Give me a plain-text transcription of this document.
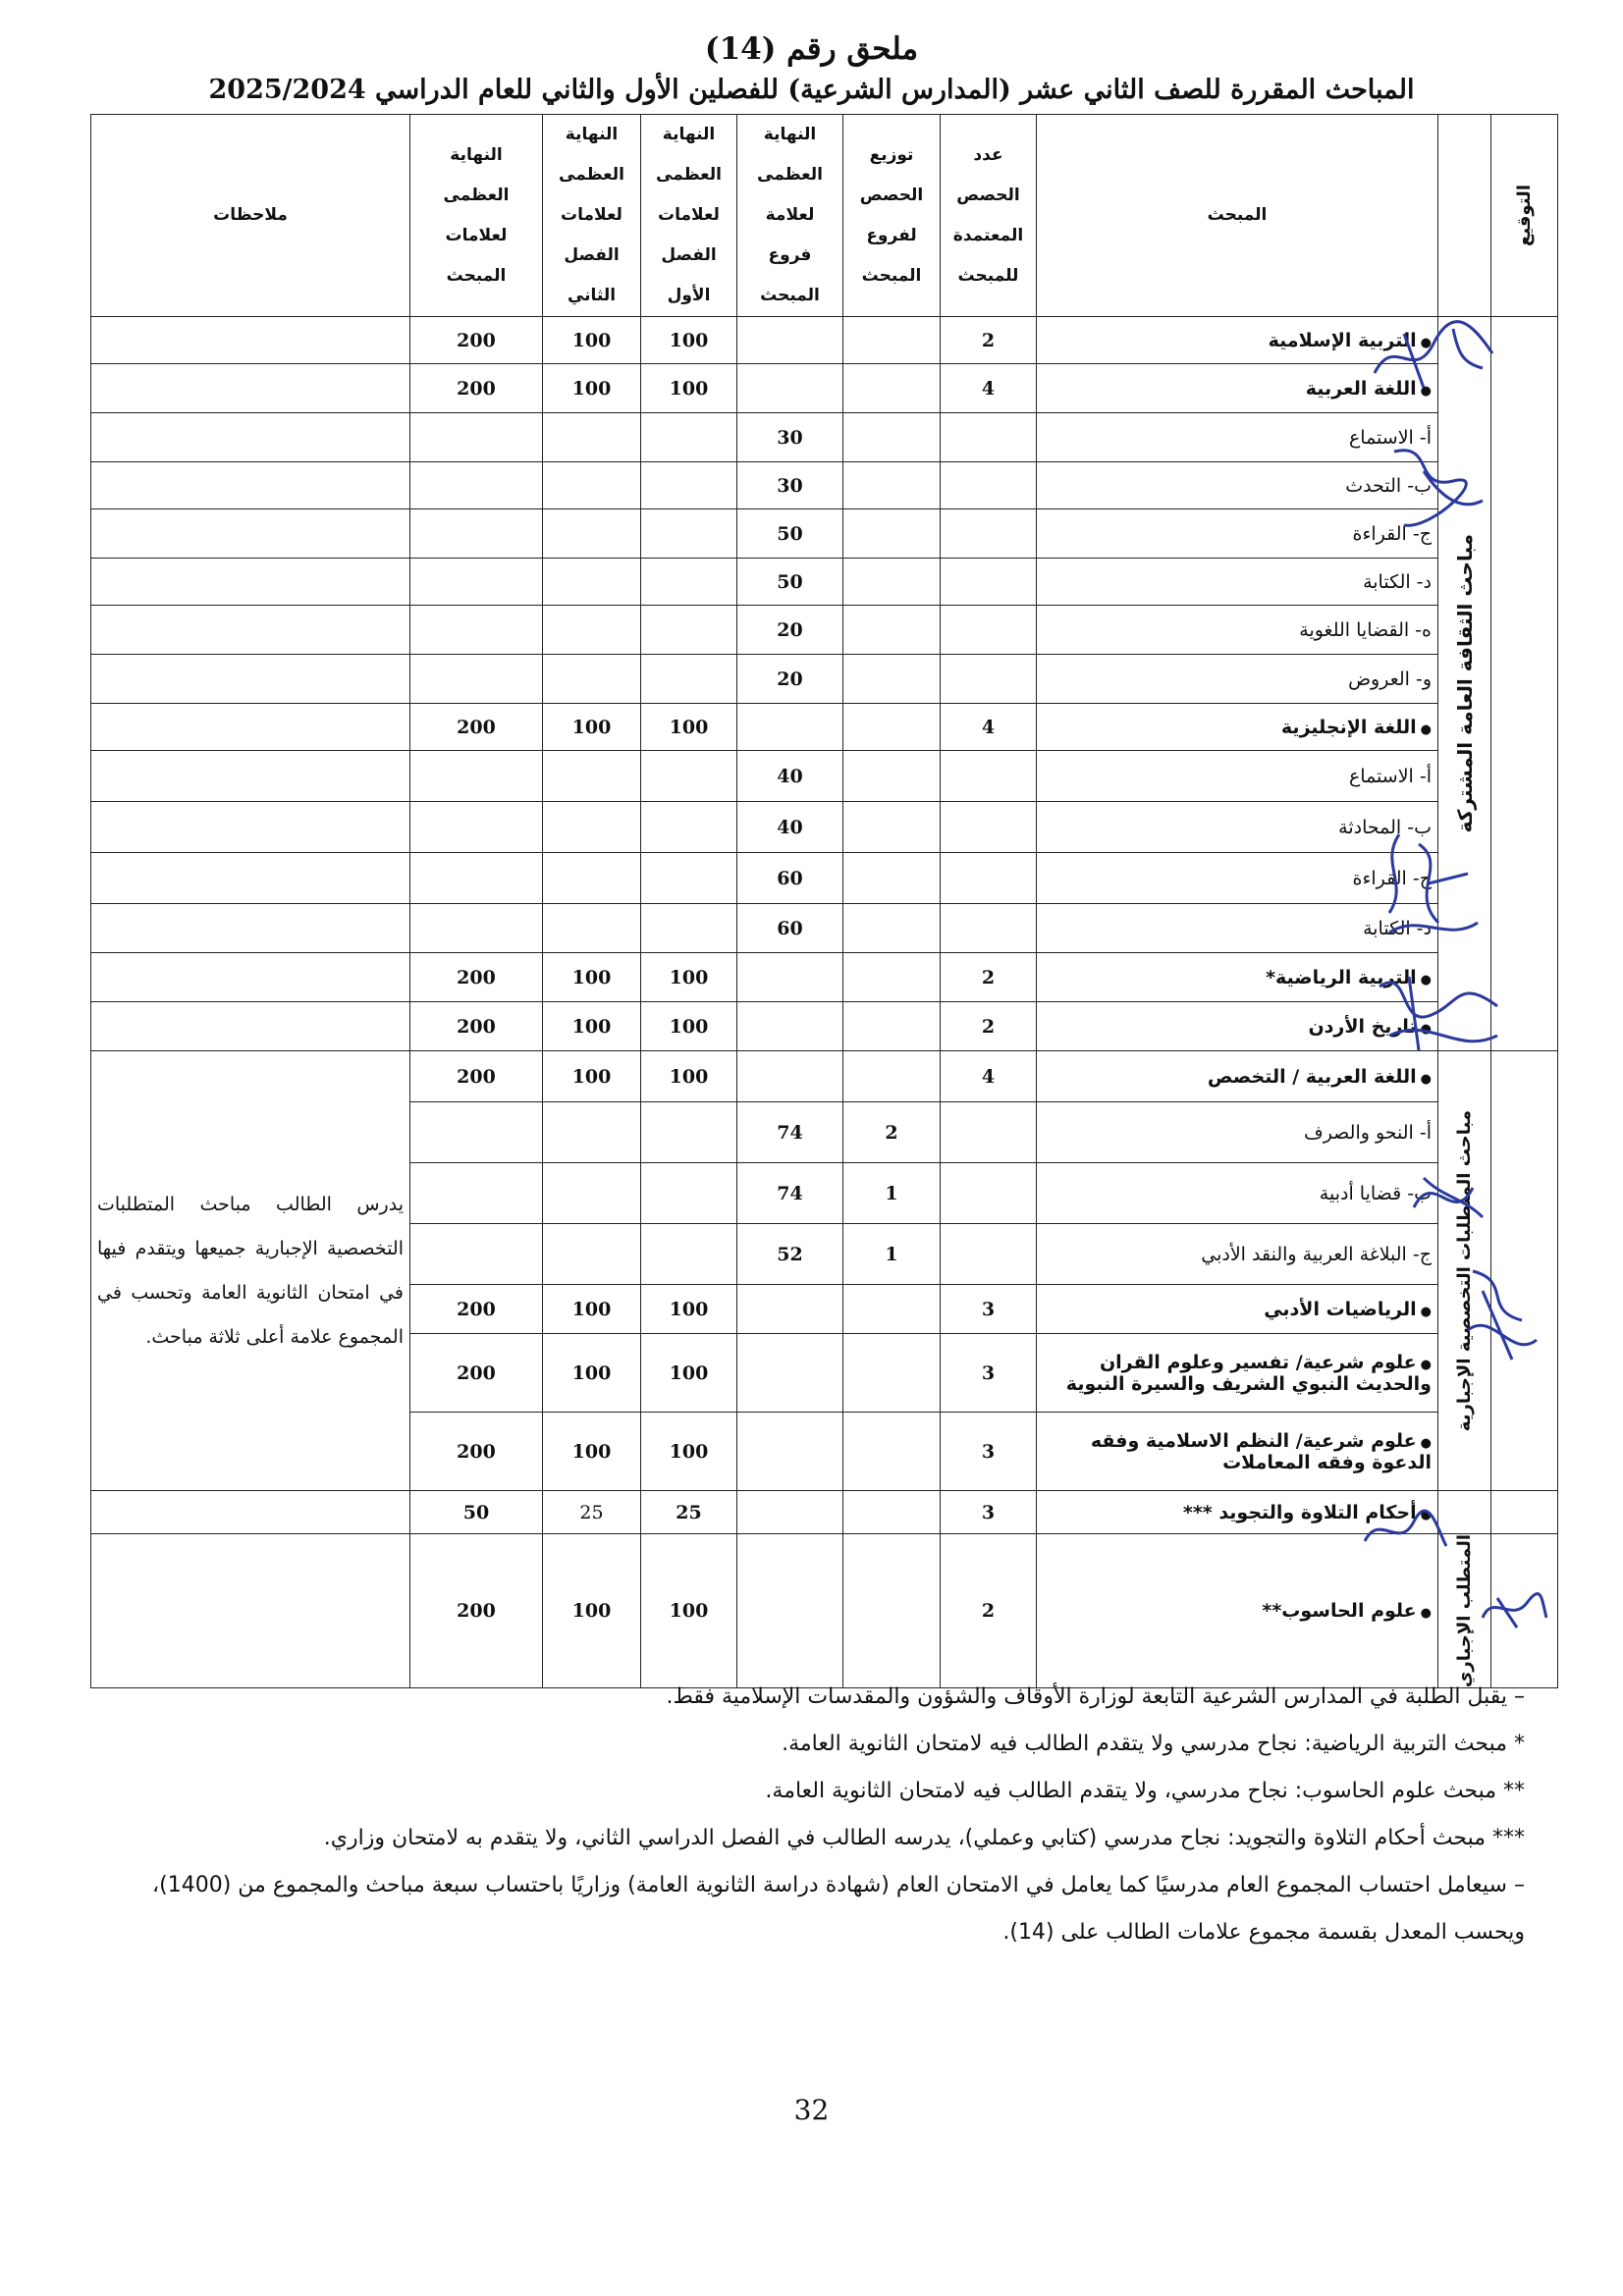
ملحق رقم (14)
المباحث المقررة للصف الثاني عشر (المدارس الشرعية) للفصلين الأول والثاني للعام الدراسي 2025/2024
التوقيع		المبحث	عدد الحصص المعتمدة للمبحث	توزيع الحصص لفروع المبحث	النهاية العظمى لعلامة فروع المبحث	النهاية العظمى لعلامات الفصل الأول	النهاية العظمى لعلامات الفصل الثاني	النهاية العظمى لعلامات المبحث	ملاحظات

	مباحث الثقافة العامة المشتركة	●التربية الإسلامية	2			100	100	200	
		●اللغة العربية	4			100	100	200	
		أ- الاستماع			30				
		ب- التحدث			30				
		ج- القراءة			50				
		د- الكتابة			50				
		ه- القضايا اللغوية			20				
		و- العروض			20				
		●اللغة الإنجليزية	4			100	100	200	
		أ- الاستماع			40				
		ب- المحادثة			40				
		ج- القراءة			60				
		د- الكتابة			60				
		●التربية الرياضية*	2			100	100	200	
		●تاريخ الأردن	2			100	100	200	

	مباحث المتطلبات التخصصية الإجبارية	●اللغة العربية / التخصص	4			100	100	200	يدرس الطالب مباحث المتطلبات التخصصية الإجبارية جميعها ويتقدم فيها في امتحان الثانوية العامة وتحسب في المجموع علامة أعلى ثلاثة مباحث.
		أ- النحو والصرف		2	74				
		ب- قضايا أدبية		1	74				
		ج- البلاغة العربية والنقد الأدبي		1	52				
		●الرياضيات الأدبي	3			100	100	200	
		●علوم شرعية/ تفسير وعلوم القران والحديث النبوي الشريف والسيرة النبوية	3			100	100	200	
		●علوم شرعية/ النظم الاسلامية وفقه الدعوة وفقه المعاملات	3			100	100	200	
		●أحكام التلاوة والتجويد ***	3			25	25	50	

	المتطلب الإجباري	●علوم الحاسوب**	2			100	100	200	

– يقبل الطلبة في المدارس الشرعية التابعة لوزارة الأوقاف والشؤون والمقدسات الإسلامية فقط.

* مبحث التربية الرياضية: نجاح مدرسي ولا يتقدم الطالب فيه لامتحان الثانوية العامة.

** مبحث علوم الحاسوب: نجاح مدرسي، ولا يتقدم الطالب فيه لامتحان الثانوية العامة.

*** مبحث أحكام التلاوة والتجويد: نجاح مدرسي (كتابي وعملي)، يدرسه الطالب في الفصل الدراسي الثاني، ولا يتقدم به لامتحان وزاري.

– سيعامل احتساب المجموع العام مدرسيًا كما يعامل في الامتحان العام (شهادة دراسة الثانوية العامة) وزاريًا باحتساب سبعة مباحث والمجموع من (1400)، ويحسب المعدل بقسمة مجموع علامات الطالب على (14).

32
